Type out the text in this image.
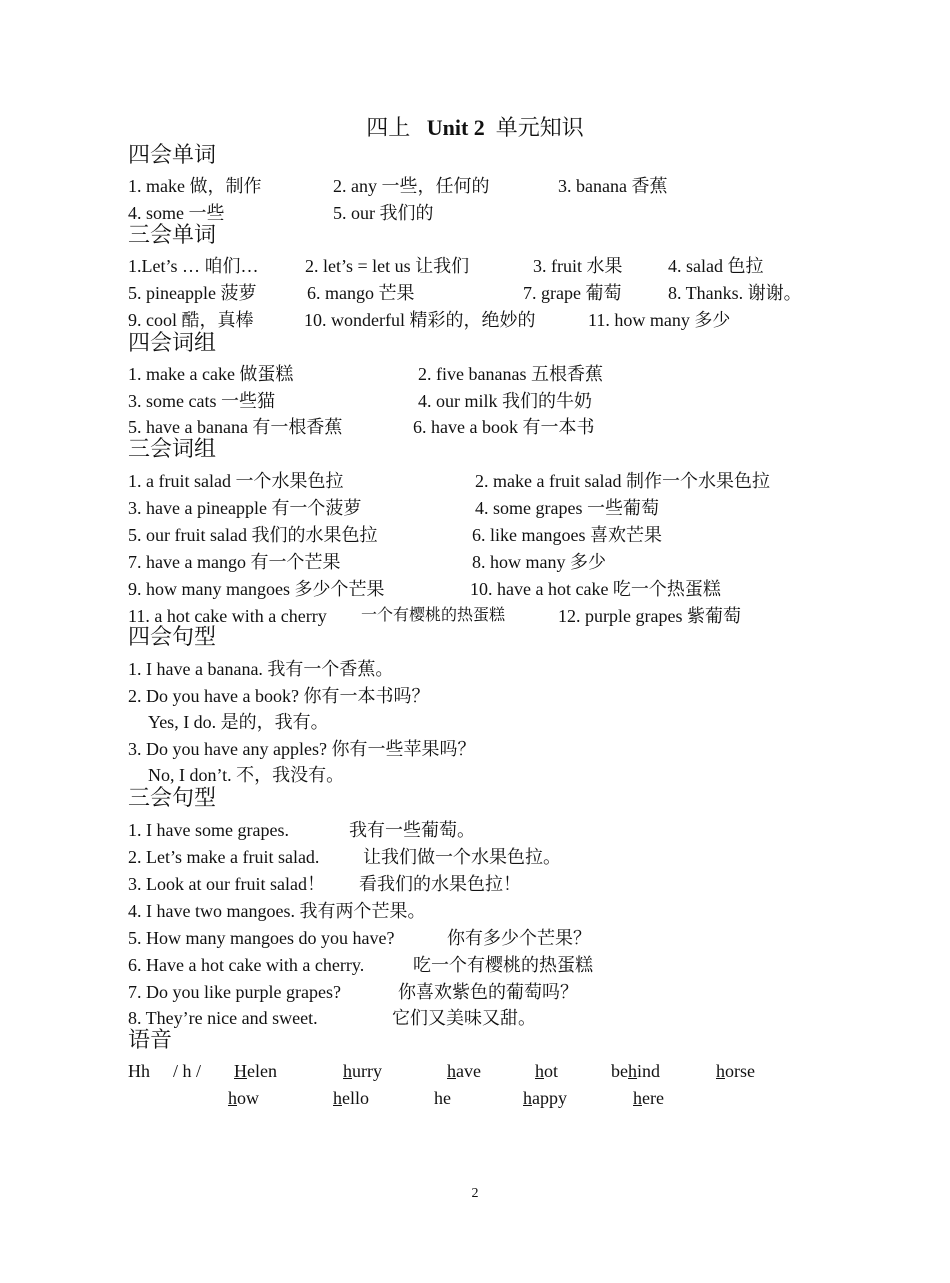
四上 Unit 2 单元知识
四会单词
1. make 做，制作	2. any 一些，任何的	3. banana 香蕉
4. some 一些	5. our 我们的
三会单词
1.Let’s … 咱们…	2. let’s = let us 让我们	3. fruit 水果	4. salad 色拉
5. pineapple 菠萝	6. mango 芒果	7. grape 葡萄	8. Thanks. 谢谢。
9. cool 酷，真棒	10. wonderful 精彩的，绝妙的	11. how many 多少
四会词组
1. make a cake 做蛋糕	2. five bananas 五根香蕉
3. some cats 一些猫	4. our milk 我们的牛奶
5. have a banana 有一根香蕉	6. have a book 有一本书
三会词组
1. a fruit salad 一个水果色拉	2. make a fruit salad 制作一个水果色拉
3. have a pineapple 有一个菠萝	4. some grapes 一些葡萄
5. our fruit salad 我们的水果色拉	6. like mangoes 喜欢芒果
7. have a mango 有一个芒果	8. how many 多少
9. how many mangoes 多少个芒果	10. have a hot cake 吃一个热蛋糕
11. a hot cake with a cherry 一个有樱桃的热蛋糕	12. purple grapes 紫葡萄
四会句型
1. I have a banana. 我有一个香蕉。
2. Do you have a book? 你有一本书吗？
Yes, I do. 是的，我有。
3. Do you have any apples? 你有一些苹果吗？
No, I don’t. 不，我没有。
三会句型
1. I have some grapes.	我有一些葡萄。
2. Let’s make a fruit salad. 让我们做一个水果色拉。
3. Look at our fruit salad！ 看我们的水果色拉！
4. I have two mangoes. 我有两个芒果。
5. How many mangoes do you have?	你有多少个芒果？
6. Have a hot cake with a cherry.	吃一个有樱桃的热蛋糕
7. Do you like purple grapes?	你喜欢紫色的葡萄吗？
8. They’re nice and sweet.	它们又美味又甜。
语音
Hh / h / Helen	hurry	have	hot	behind	horse
how	hello	he	happy	here
2
